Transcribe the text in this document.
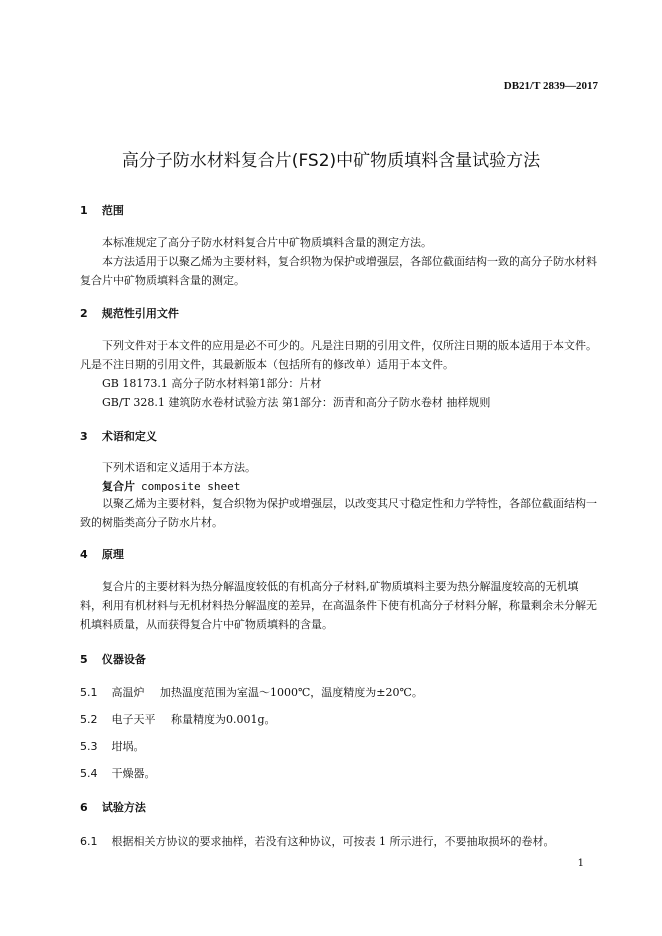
DB21/T 2839—2017
高分子防水材料复合片(FS2)中矿物质填料含量试验方法
1 范围
本标准规定了高分子防水材料复合片中矿物质填料含量的测定方法。
本方法适用于以聚乙烯为主要材料，复合织物为保护或增强层，各部位截面结构一致的高分子防水材料复合片中矿物质填料含量的测定。
2 规范性引用文件
下列文件对于本文件的应用是必不可少的。凡是注日期的引用文件，仅所注日期的版本适用于本文件。凡是不注日期的引用文件，其最新版本（包括所有的修改单）适用于本文件。
GB 18173.1 高分子防水材料第1部分：片材
GB/T 328.1 建筑防水卷材试验方法 第1部分：沥青和高分子防水卷材 抽样规则
3 术语和定义
下列术语和定义适用于本方法。
复合片 composite sheet
以聚乙烯为主要材料，复合织物为保护或增强层，以改变其尺寸稳定性和力学特性，各部位截面结构一致的树脂类高分子防水片材。
4 原理
复合片的主要材料为热分解温度较低的有机高分子材料,矿物质填料主要为热分解温度较高的无机填料，利用有机材料与无机材料热分解温度的差异，在高温条件下使有机高分子材料分解，称量剩余未分解无机填料质量，从而获得复合片中矿物质填料的含量。
5 仪器设备
5.1 高温炉 加热温度范围为室温～1000℃，温度精度为±20℃。
5.2 电子天平 称量精度为0.001g。
5.3 坩埚。
5.4 干燥器。
6 试验方法
6.1 根据相关方协议的要求抽样，若没有这种协议，可按表 1 所示进行，不要抽取损坏的卷材。
1
